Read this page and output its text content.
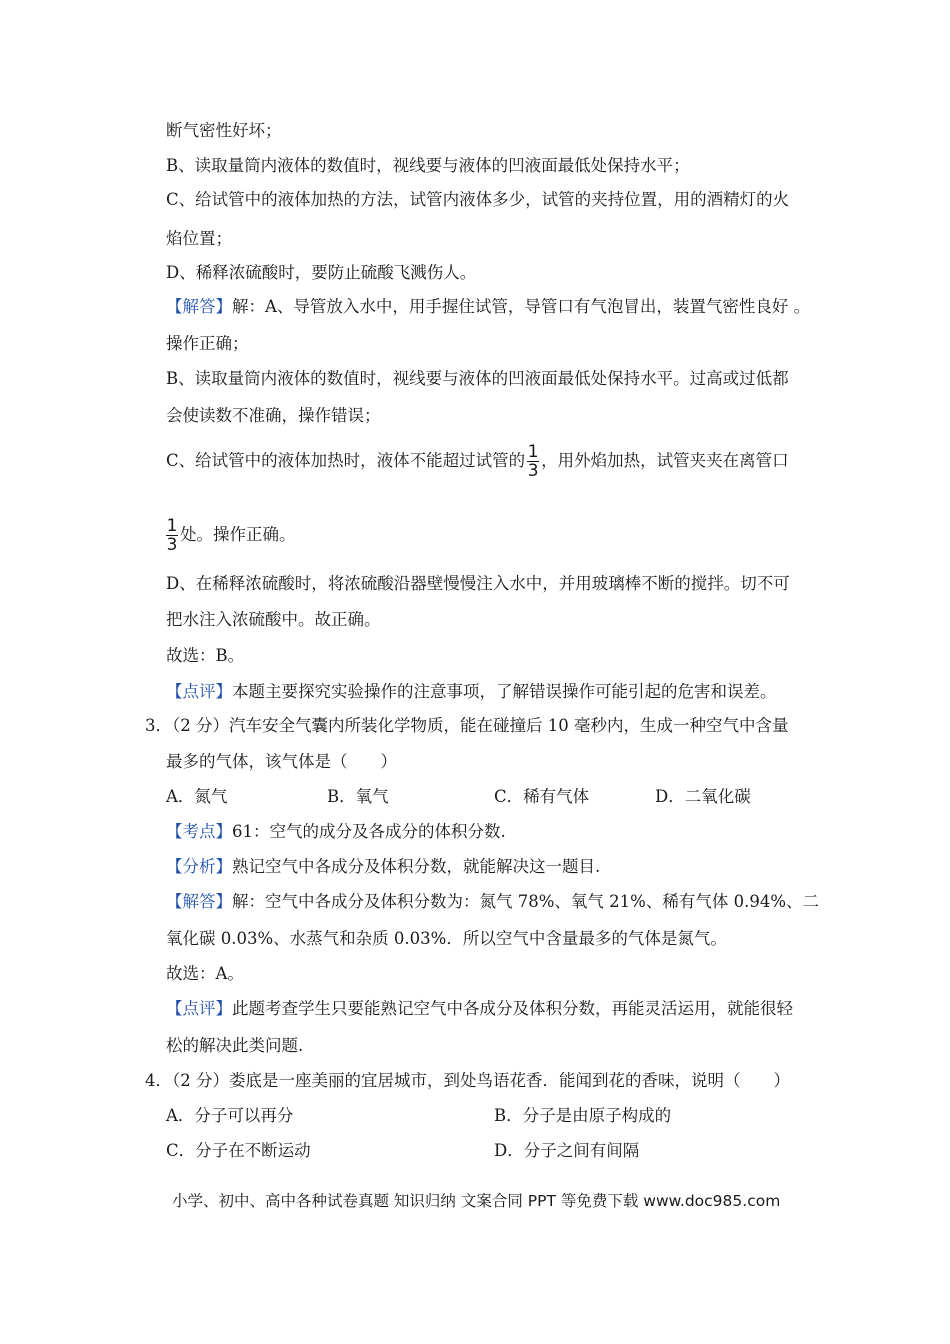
断气密性好坏；
B、读取量筒内液体的数值时，视线要与液体的凹液面最低处保持水平；
C、给试管中的液体加热的方法，试管内液体多少，试管的夹持位置，用的酒精灯的火
焰位置；
D、稀释浓硫酸时，要防止硫酸飞溅伤人。
【解答】解：A、导管放入水中，用手握住试管，导管口有气泡冒出，装置气密性良好 。
操作正确；
B、读取量筒内液体的数值时，视线要与液体的凹液面最低处保持水平。过高或过低都
会使读数不准确，操作错误；
C、给试管中的液体加热时，液体不能超过试管的 $\frac{1}{3}$ ，用外焰加热，试管夹夹在离管口
$\frac{1}{3}$ 处。操作正确。
D、在稀释浓硫酸时，将浓硫酸沿器壁慢慢注入水中，并用玻璃棒不断的搅拌。切不可
把水注入浓硫酸中。故正确。
故选：B。
【点评】本题主要探究实验操作的注意事项，了解错误操作可能引起的危害和误差。
3．（2 分）汽车安全气囊内所装化学物质，能在碰撞后 10 毫秒内，生成一种空气中含量
最多的气体，该气体是（　　）
A．氮气	B．氧气	C．稀有气体	D．二氧化碳
【考点】61：空气的成分及各成分的体积分数.
【分析】熟记空气中各成分及体积分数，就能解决这一题目.
【解答】解：空气中各成分及体积分数为：氮气 78%、氧气 21%、稀有气体 0.94%、二
氧化碳 0.03%、水蒸气和杂质 0.03%．所以空气中含量最多的气体是氮气。
故选：A。
【点评】此题考查学生只要能熟记空气中各成分及体积分数，再能灵活运用，就能很轻
松的解决此类问题.
4．（2 分）娄底是一座美丽的宜居城市，到处鸟语花香．能闻到花的香味，说明（　　）
A．分子可以再分	B．分子是由原子构成的
C．分子在不断运动	D．分子之间有间隔
小学、初中、高中各种试卷真题 知识归纳 文案合同 PPT 等免费下载 www.doc985.com
